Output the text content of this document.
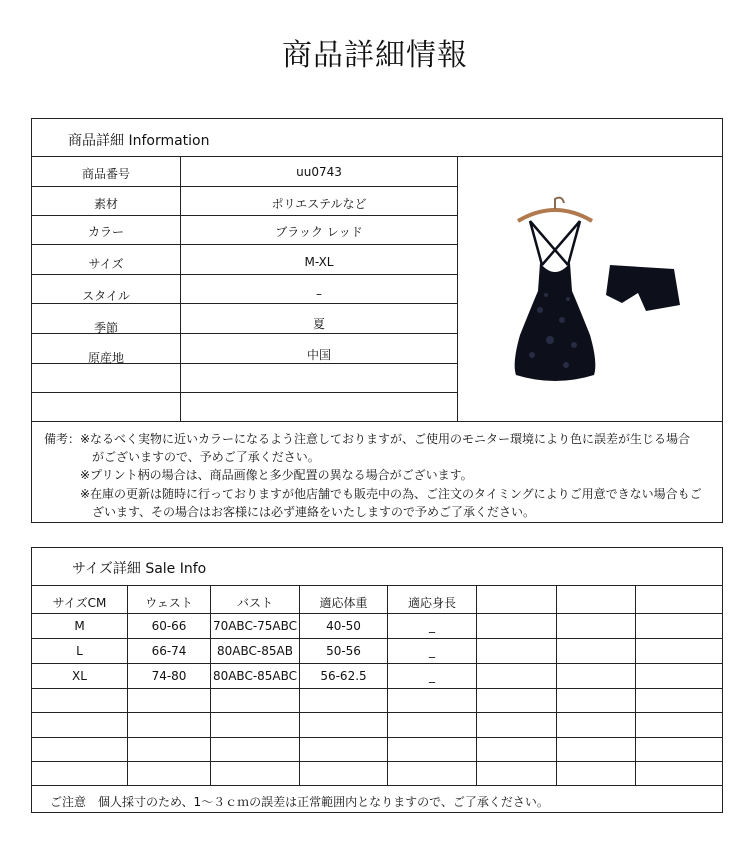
商品詳細情報
商品詳細 Information
商品番号	uu0743
素材	ポリエステルなど
カラー	ブラック レッド
サイズ	M-XL
スタイル	–
季節	夏
原産地	中国
備考：※なるべく実物に近いカラーになるよう注意しておりますが、ご使用のモニター環境により色に誤差が生じる場合
がございますので、予めご了承ください。
※プリント柄の場合は、商品画像と多少配置の異なる場合がございます。
※在庫の更新は随時に行っておりますが他店舗でも販売中の為、ご注文のタイミングによりご用意できない場合もご
ざいます、その場合はお客様には必ず連絡をいたしますので予めご了承ください。
サイズ詳細 Sale Info
サイズCM	ウェスト	バスト	適応体重	適応身長
M	60-66	70ABC-75ABC	40-50	_
L	66-74	80ABC-85AB	50-56	_
XL	74-80	80ABC-85ABC	56-62.5	_
ご注意　個人採寸のため、1～３ｃｍの誤差は正常範囲内となりますので、ご了承ください。
